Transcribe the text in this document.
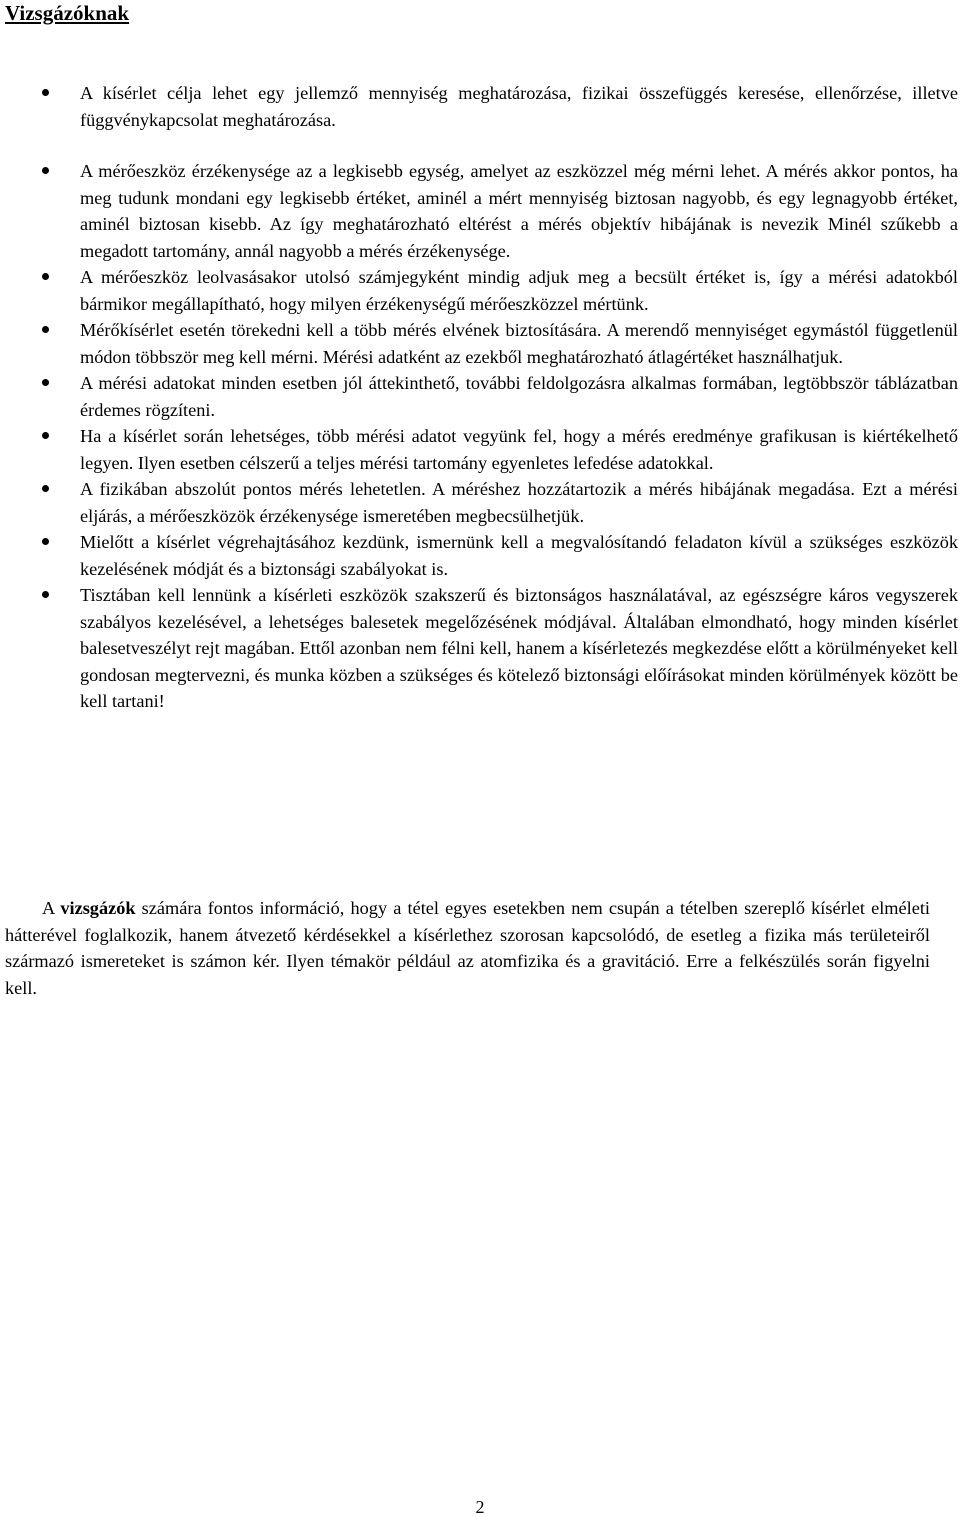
Vizsgázóknak
A kísérlet célja lehet egy jellemző mennyiség meghatározása, fizikai összefüggés keresése, ellenőrzése, illetve függvénykapcsolat meghatározása.
A mérőeszköz érzékenysége az a legkisebb egység, amelyet az eszközzel még mérni lehet. A mérés akkor pontos, ha meg tudunk mondani egy legkisebb értéket, aminél a mért mennyiség biztosan nagyobb, és egy legnagyobb értéket, aminél biztosan kisebb. Az így meghatározható eltérést a mérés objektív hibájának is nevezik Minél szűkebb a megadott tartomány, annál nagyobb a mérés érzékenysége.
A mérőeszköz leolvasásakor utolsó számjegyként mindig adjuk meg a becsült értéket is, így a mérési adatokból bármikor megállapítható, hogy milyen érzékenységű mérőeszközzel mértünk.
Mérőkísérlet esetén törekedni kell a több mérés elvének biztosítására. A merendő mennyiséget egymástól függetlenül módon többször meg kell mérni. Mérési adatként az ezekből meghatározható átlagértéket használhatjuk.
A mérési adatokat minden esetben jól áttekinthető, további feldolgozásra alkalmas formában, legtöbbször táblázatban érdemes rögzíteni.
Ha a kísérlet során lehetséges, több mérési adatot vegyünk fel, hogy a mérés eredménye grafikusan is kiértékelhető legyen. Ilyen esetben célszerű a teljes mérési tartomány egyenletes lefedése adatokkal.
A fizikában abszolút pontos mérés lehetetlen. A méréshez hozzátartozik a mérés hibájának megadása. Ezt a mérési eljárás, a mérőeszközök érzékenysége ismeretében megbecsülhetjük.
Mielőtt a kísérlet végrehajtásához kezdünk, ismernünk kell a megvalósítandó feladaton kívül a szükséges eszközök kezelésének módját és a biztonsági szabályokat is.
Tisztában kell lennünk a kísérleti eszközök szakszerű és biztonságos használatával, az egészségre káros vegyszerek szabályos kezelésével, a lehetséges balesetek megelőzésének módjával. Általában elmondható, hogy minden kísérlet balesetveszélyt rejt magában. Ettől azonban nem félni kell, hanem a kísérletezés megkezdése előtt a körülményeket kell gondosan megtervezni, és munka közben a szükséges és kötelező biztonsági előírásokat minden körülmények között be kell tartani!

A vizsgázók számára fontos információ, hogy a tétel egyes esetekben nem csupán a tételben szereplő kísérlet elméleti hátterével foglalkozik, hanem átvezető kérdésekkel a kísérlethez szorosan kapcsolódó, de esetleg a fizika más területeiről származó ismereteket is számon kér. Ilyen témakör például az atomfizika és a gravitáció. Erre a felkészülés során figyelni kell.

2
